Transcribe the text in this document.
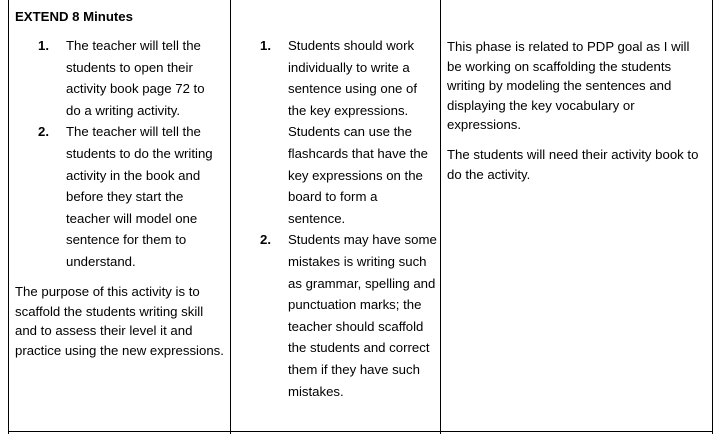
EXTEND 8 Minutes
1. The teacher will tell the students to open their activity book page 72 to do a writing activity.
2. The teacher will tell the students to do the writing activity in the book and before they start the teacher will model one sentence for them to understand.

The purpose of this activity is to scaffold the students writing skill and to assess their level it and practice using the new expressions.

1. Students should work individually to write a sentence using one of the key expressions. Students can use the flashcards that have the key expressions on the board to form a sentence.
2. Students may have some mistakes is writing such as grammar, spelling and punctuation marks; the teacher should scaffold the students and correct them if they have such mistakes.

This phase is related to PDP goal as I will be working on scaffolding the students writing by modeling the sentences and displaying the key vocabulary or expressions.

The students will need their activity book to do the activity.
